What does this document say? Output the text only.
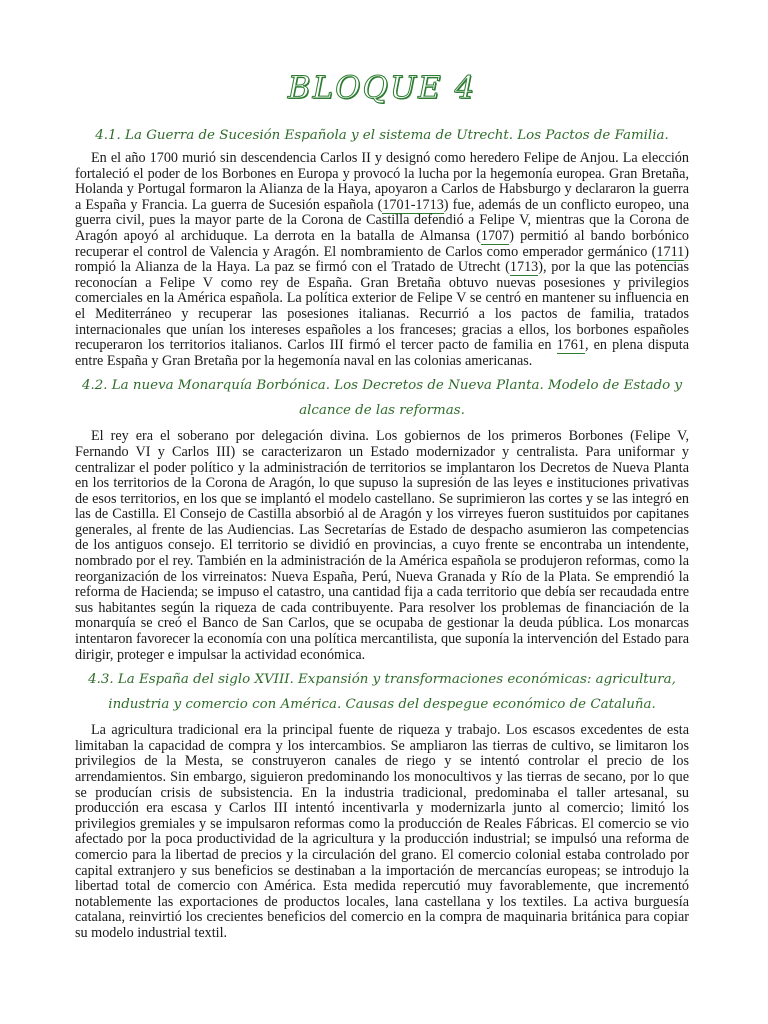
BLOQUE 4
4.1. La Guerra de Sucesión Española y el sistema de Utrecht. Los Pactos de Familia.

En el año 1700 murió sin descendencia Carlos II y designó como heredero Felipe de Anjou. La elección fortaleció el poder de los Borbones en Europa y provocó la lucha por la hegemonía europea. Gran Bretaña, Holanda y Portugal formaron la Alianza de la Haya, apoyaron a Carlos de Habsburgo y declararon la guerra a España y Francia. La guerra de Sucesión española (1701-1713) fue, además de un conflicto europeo, una guerra civil, pues la mayor parte de la Corona de Castilla defendió a Felipe V, mientras que la Corona de Aragón apoyó al archiduque. La derrota en la batalla de Almansa (1707) permitió al bando borbónico recuperar el control de Valencia y Aragón. El nombramiento de Carlos como emperador germánico (1711) rompió la Alianza de la Haya. La paz se firmó con el Tratado de Utrecht (1713), por la que las potencias reconocían a Felipe V como rey de España. Gran Bretaña obtuvo nuevas posesiones y privilegios comerciales en la América española. La política exterior de Felipe V se centró en mantener su influencia en el Mediterráneo y recuperar las posesiones italianas. Recurrió a los pactos de familia, tratados internacionales que unían los intereses españoles a los franceses; gracias a ellos, los borbones españoles recuperaron los territorios italianos. Carlos III firmó el tercer pacto de familia en 1761, en plena disputa entre España y Gran Bretaña por la hegemonía naval en las colonias americanas.

4.2. La nueva Monarquía Borbónica. Los Decretos de Nueva Planta. Modelo de Estado y alcance de las reformas.

El rey era el soberano por delegación divina. Los gobiernos de los primeros Borbones (Felipe V, Fernando VI y Carlos III) se caracterizaron un Estado modernizador y centralista. Para uniformar y centralizar el poder político y la administración de territorios se implantaron los Decretos de Nueva Planta en los territorios de la Corona de Aragón, lo que supuso la supresión de las leyes e instituciones privativas de esos territorios, en los que se implantó el modelo castellano. Se suprimieron las cortes y se las integró en las de Castilla. El Consejo de Castilla absorbió al de Aragón y los virreyes fueron sustituidos por capitanes generales, al frente de las Audiencias. Las Secretarías de Estado de despacho asumieron las competencias de los antiguos consejo. El territorio se dividió en provincias, a cuyo frente se encontraba un intendente, nombrado por el rey. También en la administración de la América española se produjeron reformas, como la reorganización de los virreinatos: Nueva España, Perú, Nueva Granada y Río de la Plata. Se emprendió la reforma de Hacienda; se impuso el catastro, una cantidad fija a cada territorio que debía ser recaudada entre sus habitantes según la riqueza de cada contribuyente. Para resolver los problemas de financiación de la monarquía se creó el Banco de San Carlos, que se ocupaba de gestionar la deuda pública. Los monarcas intentaron favorecer la economía con una política mercantilista, que suponía la intervención del Estado para dirigir, proteger e impulsar la actividad económica.

4.3. La España del siglo XVIII. Expansión y transformaciones económicas: agricultura, industria y comercio con América. Causas del despegue económico de Cataluña.

La agricultura tradicional era la principal fuente de riqueza y trabajo. Los escasos excedentes de esta limitaban la capacidad de compra y los intercambios. Se ampliaron las tierras de cultivo, se limitaron los privilegios de la Mesta, se construyeron canales de riego y se intentó controlar el precio de los arrendamientos. Sin embargo, siguieron predominando los monocultivos y las tierras de secano, por lo que se producían crisis de subsistencia. En la industria tradicional, predominaba el taller artesanal, su producción era escasa y Carlos III intentó incentivarla y modernizarla junto al comercio; limitó los privilegios gremiales y se impulsaron reformas como la producción de Reales Fábricas. El comercio se vio afectado por la poca productividad de la agricultura y la producción industrial; se impulsó una reforma de comercio para la libertad de precios y la circulación del grano. El comercio colonial estaba controlado por capital extranjero y sus beneficios se destinaban a la importación de mercancías europeas; se introdujo la libertad total de comercio con América. Esta medida repercutió muy favorablemente, que incrementó notablemente las exportaciones de productos locales, lana castellana y los textiles. La activa burguesía catalana, reinvirtió los crecientes beneficios del comercio en la compra de maquinaria británica para copiar su modelo industrial textil.
